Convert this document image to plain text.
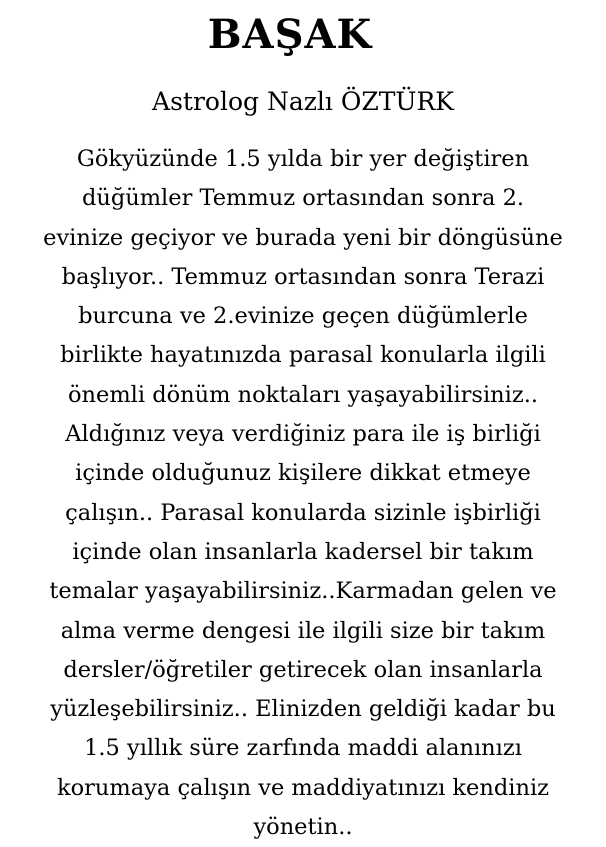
BAŞAK
Astrolog Nazlı ÖZTÜRK
Gökyüzünde 1.5 yılda bir yer değiştiren
düğümler Temmuz ortasından sonra 2.
evinize geçiyor ve burada yeni bir döngüsüne
başlıyor.. Temmuz ortasından sonra Terazi
burcuna ve 2.evinize geçen düğümlerle
birlikte hayatınızda parasal konularla ilgili
önemli dönüm noktaları yaşayabilirsiniz..
Aldığınız veya verdiğiniz para ile iş birliği
içinde olduğunuz kişilere dikkat etmeye
çalışın.. Parasal konularda sizinle işbirliği
içinde olan insanlarla kadersel bir takım
temalar yaşayabilirsiniz..Karmadan gelen ve
alma verme dengesi ile ilgili size bir takım
dersler/öğretiler getirecek olan insanlarla
yüzleşebilirsiniz.. Elinizden geldiği kadar bu
1.5 yıllık süre zarfında maddi alanınızı
korumaya çalışın ve maddiyatınızı kendiniz
yönetin..
